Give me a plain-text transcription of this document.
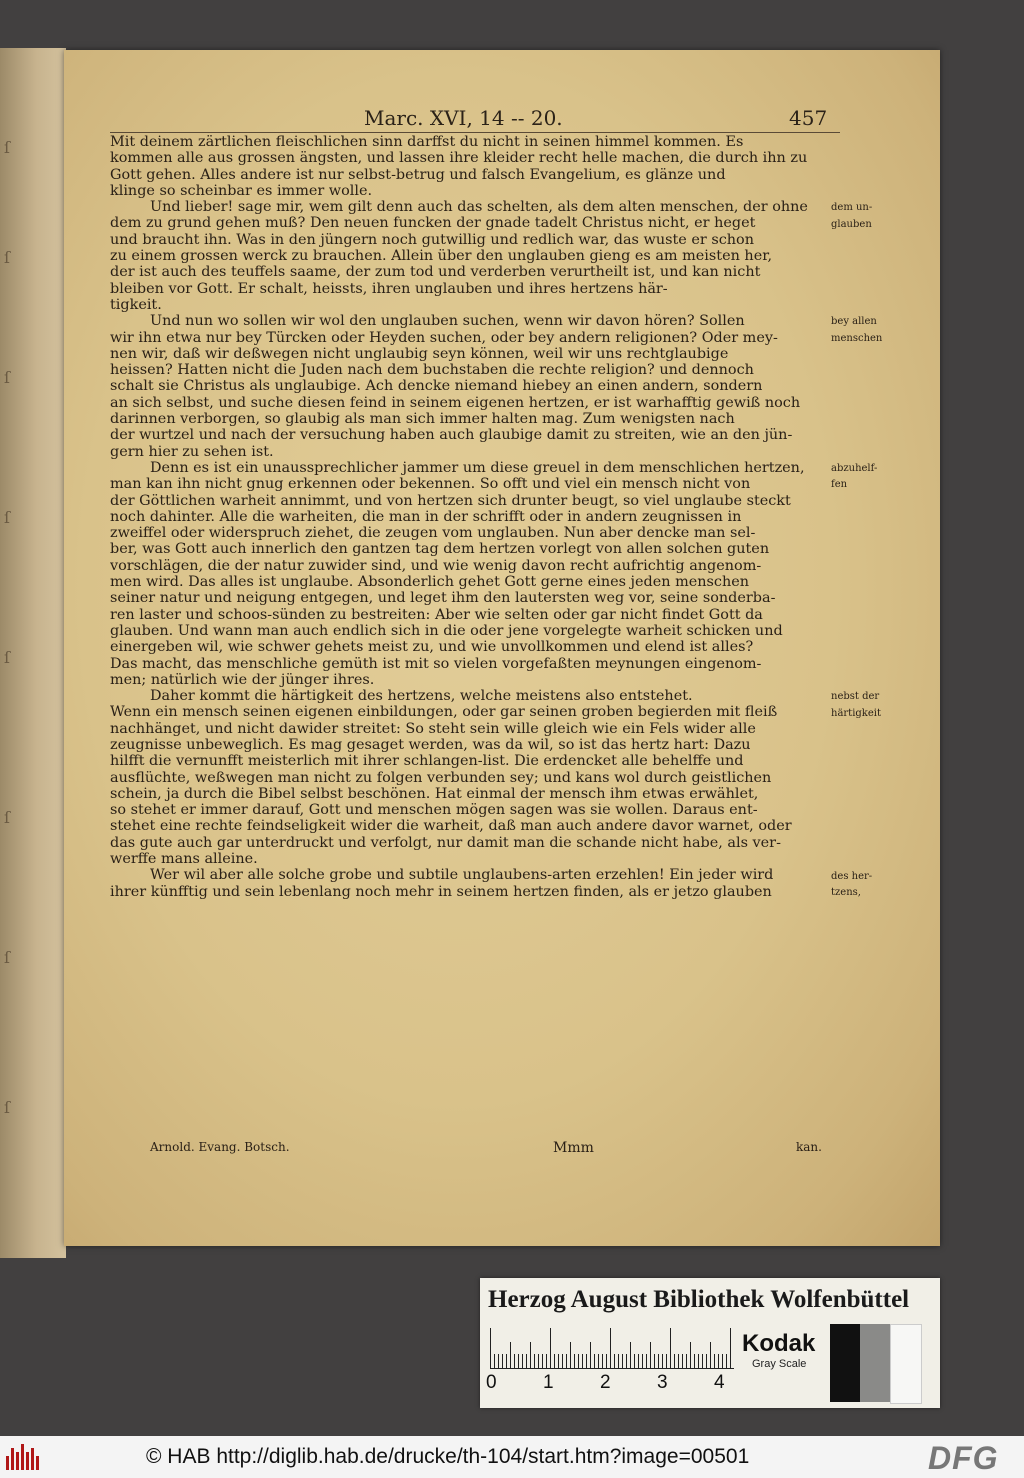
ſ
ſ
ſ
ſ
ſ
ſ
ſ
ſ
Marc. XVI, 14 -- 20.	457
Mit deinem zärtlichen fleischlichen sinn darffst du nicht in seinen himmel kommen. Es
kommen alle aus grossen ängsten, und lassen ihre kleider recht helle machen, die durch ihn zu
Gott gehen. Alles andere ist nur selbst-betrug und falsch Evangelium, es glänze und
klinge so scheinbar es immer wolle.
Und lieber! sage mir, wem gilt denn auch das schelten, als dem alten menschen, der ohne
dem zu grund gehen muß? Den neuen funcken der gnade tadelt Christus nicht, er heget
und braucht ihn. Was in den jüngern noch gutwillig und redlich war, das wuste er schon
zu einem grossen werck zu brauchen. Allein über den unglauben gieng es am meisten her,
der ist auch des teuffels saame, der zum tod und verderben verurtheilt ist, und kan nicht
bleiben vor Gott. Er schalt, heissts, ihren unglauben und ihres hertzens här-
tigkeit.
Und nun wo sollen wir wol den unglauben suchen, wenn wir davon hören? Sollen
wir ihn etwa nur bey Türcken oder Heyden suchen, oder bey andern religionen? Oder mey-
nen wir, daß wir deßwegen nicht unglaubig seyn können, weil wir uns rechtglaubige
heissen? Hatten nicht die Juden nach dem buchstaben die rechte religion? und dennoch
schalt sie Christus als unglaubige. Ach dencke niemand hiebey an einen andern, sondern
an sich selbst, und suche diesen feind in seinem eigenen hertzen, er ist warhafftig gewiß noch
darinnen verborgen, so glaubig als man sich immer halten mag. Zum wenigsten nach
der wurtzel und nach der versuchung haben auch glaubige damit zu streiten, wie an den jün-
gern hier zu sehen ist.
Denn es ist ein unaussprechlicher jammer um diese greuel in dem menschlichen hertzen,
man kan ihn nicht gnug erkennen oder bekennen. So offt und viel ein mensch nicht von
der Göttlichen warheit annimmt, und von hertzen sich drunter beugt, so viel unglaube steckt
noch dahinter. Alle die warheiten, die man in der schrifft oder in andern zeugnissen in
zweiffel oder widerspruch ziehet, die zeugen vom unglauben. Nun aber dencke man sel-
ber, was Gott auch innerlich den gantzen tag dem hertzen vorlegt von allen solchen guten
vorschlägen, die der natur zuwider sind, und wie wenig davon recht aufrichtig angenom-
men wird. Das alles ist unglaube. Absonderlich gehet Gott gerne eines jeden menschen
seiner natur und neigung entgegen, und leget ihm den lautersten weg vor, seine sonderba-
ren laster und schoos-sünden zu bestreiten: Aber wie selten oder gar nicht findet Gott da
glauben. Und wann man auch endlich sich in die oder jene vorgelegte warheit schicken und
einergeben wil, wie schwer gehets meist zu, und wie unvollkommen und elend ist alles?
Das macht, das menschliche gemüth ist mit so vielen vorgefaßten meynungen eingenom-
men; natürlich wie der jünger ihres.
Daher kommt die härtigkeit des hertzens, welche meistens also entstehet.
Wenn ein mensch seinen eigenen einbildungen, oder gar seinen groben begierden mit fleiß
nachhänget, und nicht dawider streitet: So steht sein wille gleich wie ein Fels wider alle
zeugnisse unbeweglich. Es mag gesaget werden, was da wil, so ist das hertz hart: Dazu
hilfft die vernunfft meisterlich mit ihrer schlangen-list. Die erdencket alle behelffe und
ausflüchte, weßwegen man nicht zu folgen verbunden sey; und kans wol durch geistlichen
schein, ja durch die Bibel selbst beschönen. Hat einmal der mensch ihm etwas erwählet,
so stehet er immer darauf, Gott und menschen mögen sagen was sie wollen. Daraus ent-
stehet eine rechte feindseligkeit wider die warheit, daß man auch andere davor warnet, oder
das gute auch gar unterdruckt und verfolgt, nur damit man die schande nicht habe, als ver-
werffe mans alleine.
Wer wil aber alle solche grobe und subtile unglaubens-arten erzehlen! Ein jeder wird
ihrer künfftig und sein lebenlang noch mehr in seinem hertzen finden, als er jetzo glauben
dem un-
glauben
bey allen
menschen
abzuhelf-
fen
nebst der
härtigkeit
des her-
tzens,
Arnold. Evang. Botsch.	Mmm	kan.
Herzog August Bibliothek Wolfenbüttel
0 1 2 3 4
Kodak
Gray Scale
© HAB http://diglib.hab.de/drucke/th-104/start.htm?image=00501	DFG
